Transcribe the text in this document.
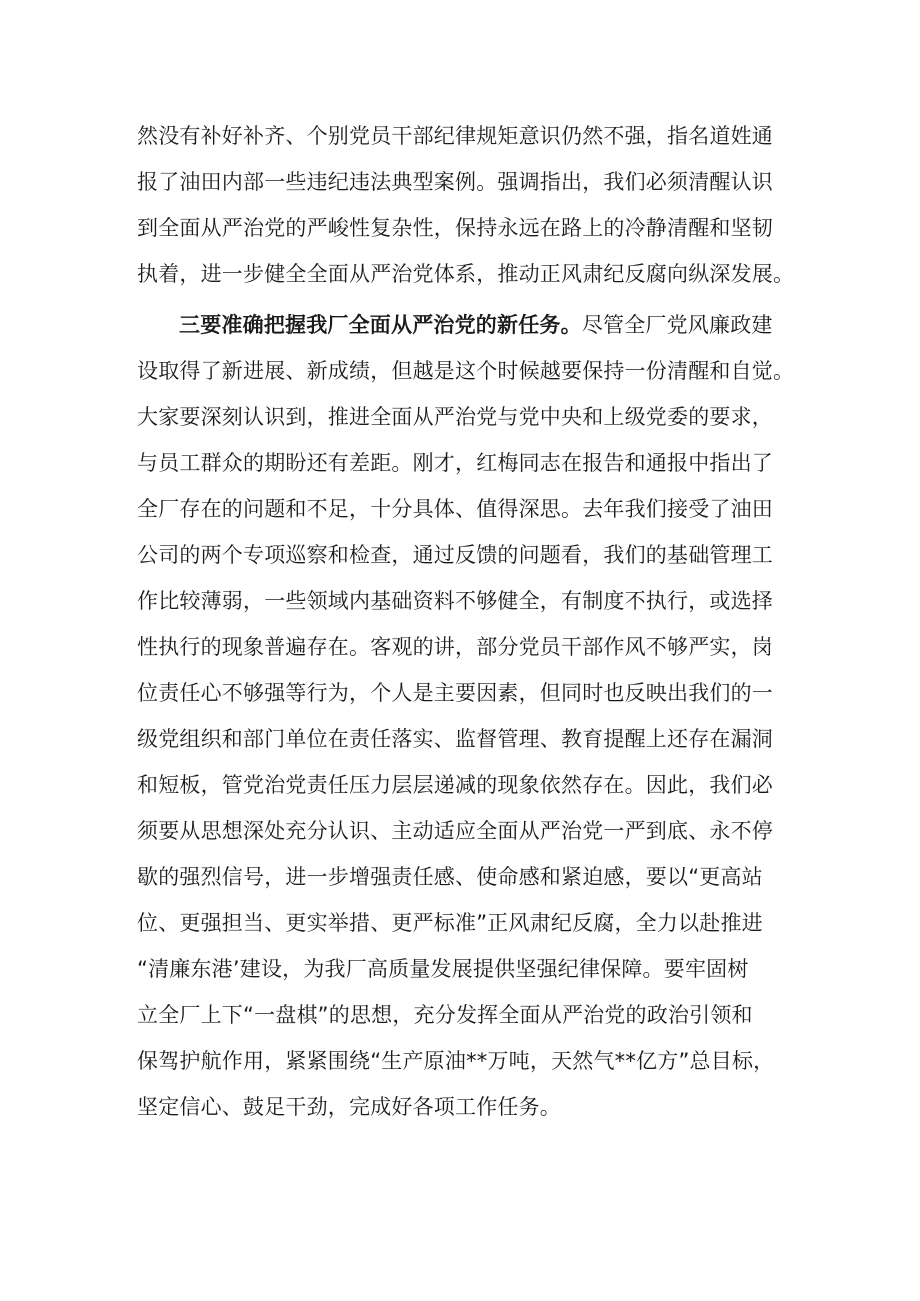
然没有补好补齐、个别党员干部纪律规矩意识仍然不强，指名道姓通
报了油田内部一些违纪违法典型案例。强调指出，我们必须清醒认识
到全面从严治党的严峻性复杂性，保持永远在路上的冷静清醒和坚韧
执着，进一步健全全面从严治党体系，推动正风肃纪反腐向纵深发展。
三要准确把握我厂全面从严治党的新任务。尽管全厂党风廉政建
设取得了新进展、新成绩，但越是这个时候越要保持一份清醒和自觉。
大家要深刻认识到，推进全面从严治党与党中央和上级党委的要求，
与员工群众的期盼还有差距。刚才，红梅同志在报告和通报中指出了
全厂存在的问题和不足，十分具体、值得深思。去年我们接受了油田
公司的两个专项巡察和检查，通过反馈的问题看，我们的基础管理工
作比较薄弱，一些领域内基础资料不够健全，有制度不执行，或选择
性执行的现象普遍存在。客观的讲，部分党员干部作风不够严实，岗
位责任心不够强等行为，个人是主要因素，但同时也反映出我们的一
级党组织和部门单位在责任落实、监督管理、教育提醒上还存在漏洞
和短板，管党治党责任压力层层递减的现象依然存在。因此，我们必
须要从思想深处充分认识、主动适应全面从严治党一严到底、永不停
歇的强烈信号，进一步增强责任感、使命感和紧迫感，要以“更高站
位、更强担当、更实举措、更严标准”正风肃纪反腐，全力以赴推进
“清廉东港’建设，为我厂高质量发展提供坚强纪律保障。要牢固树
立全厂上下“一盘棋”的思想，充分发挥全面从严治党的政治引领和
保驾护航作用，紧紧围绕“生产原油**万吨，天然气**亿方”总目标，
坚定信心、鼓足干劲，完成好各项工作任务。
